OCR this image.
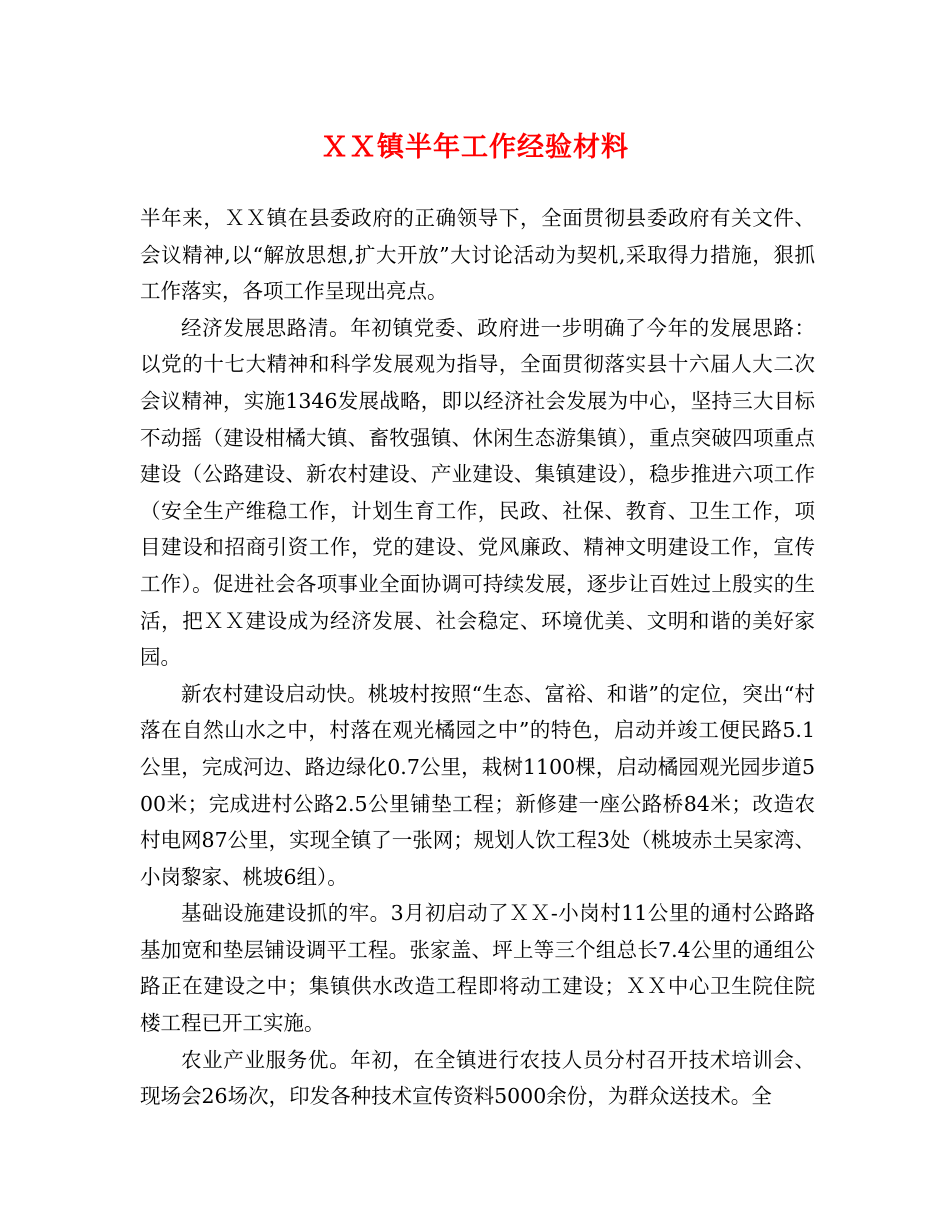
ＸＸ镇半年工作经验材料

半年来，ＸＸ镇在县委政府的正确领导下，全面贯彻县委政府有关文件、会议精神,以“解放思想,扩大开放”大讨论活动为契机,采取得力措施，狠抓工作落实，各项工作呈现出亮点。

经济发展思路清。年初镇党委、政府进一步明确了今年的发展思路：以党的十七大精神和科学发展观为指导，全面贯彻落实县十六届人大二次会议精神，实施1346发展战略，即以经济社会发展为中心，坚持三大目标不动摇（建设柑橘大镇、畜牧强镇、休闲生态游集镇），重点突破四项重点建设（公路建设、新农村建设、产业建设、集镇建设），稳步推进六项工作（安全生产维稳工作，计划生育工作，民政、社保、教育、卫生工作，项目建设和招商引资工作，党的建设、党风廉政、精神文明建设工作，宣传工作）。促进社会各项事业全面协调可持续发展，逐步让百姓过上殷实的生活，把ＸＸ建设成为经济发展、社会稳定、环境优美、文明和谐的美好家园。

新农村建设启动快。桃坡村按照“生态、富裕、和谐”的定位，突出“村落在自然山水之中，村落在观光橘园之中”的特色，启动并竣工便民路5.1公里，完成河边、路边绿化0.7公里，栽树1100棵，启动橘园观光园步道500米；完成进村公路2.5公里铺垫工程；新修建一座公路桥84米；改造农村电网87公里，实现全镇了一张网；规划人饮工程3处（桃坡赤土吴家湾、小岗黎家、桃坡6组）。

基础设施建设抓的牢。3月初启动了ＸＸ-小岗村11公里的通村公路路基加宽和垫层铺设调平工程。张家盖、坪上等三个组总长7.4公里的通组公路正在建设之中；集镇供水改造工程即将动工建设；ＸＸ中心卫生院住院楼工程已开工实施。

农业产业服务优。年初，在全镇进行农技人员分村召开技术培训会、现场会26场次，印发各种技术宣传资料5000余份，为群众送技术。全
